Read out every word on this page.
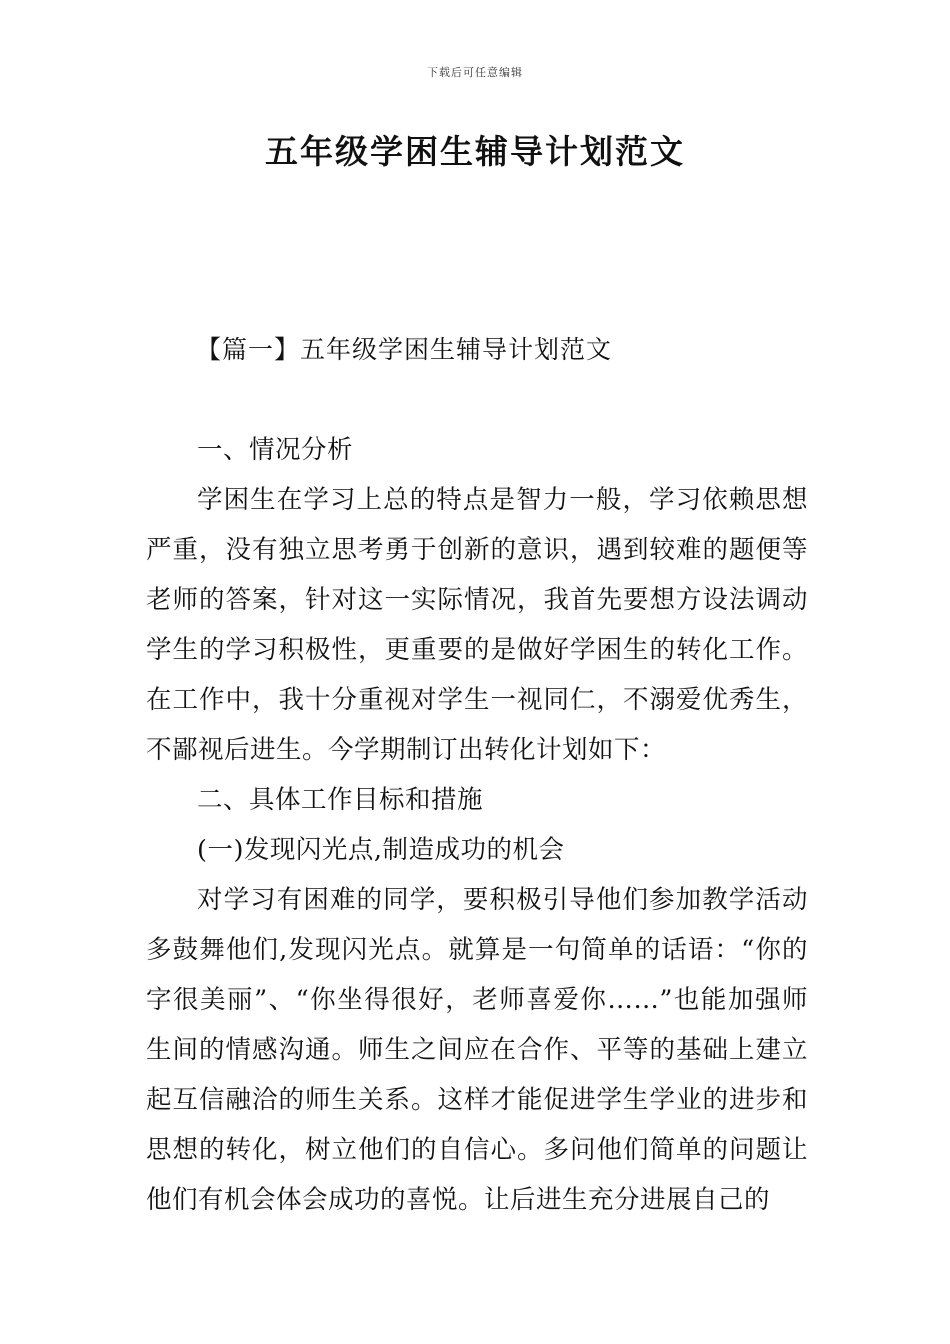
下载后可任意编辑
五年级学困生辅导计划范文
【篇一】五年级学困生辅导计划范文

一、情况分析

学困生在学习上总的特点是智力一般，学习依赖思想严重，没有独立思考勇于创新的意识，遇到较难的题便等老师的答案，针对这一实际情况，我首先要想方设法调动学生的学习积极性，更重要的是做好学困生的转化工作。在工作中，我十分重视对学生一视同仁，不溺爱优秀生，不鄙视后进生。今学期制订出转化计划如下：

二、具体工作目标和措施

(一)发现闪光点,制造成功的机会

对学习有困难的同学，要积极引导他们参加教学活动多鼓舞他们,发现闪光点。就算是一句简单的话语：“你的字很美丽”、“你坐得很好，老师喜爱你……”也能加强师生间的情感沟通。师生之间应在合作、平等的基础上建立起互信融洽的师生关系。这样才能促进学生学业的进步和思想的转化，树立他们的自信心。多问他们简单的问题让他们有机会体会成功的喜悦。让后进生充分进展自己的
